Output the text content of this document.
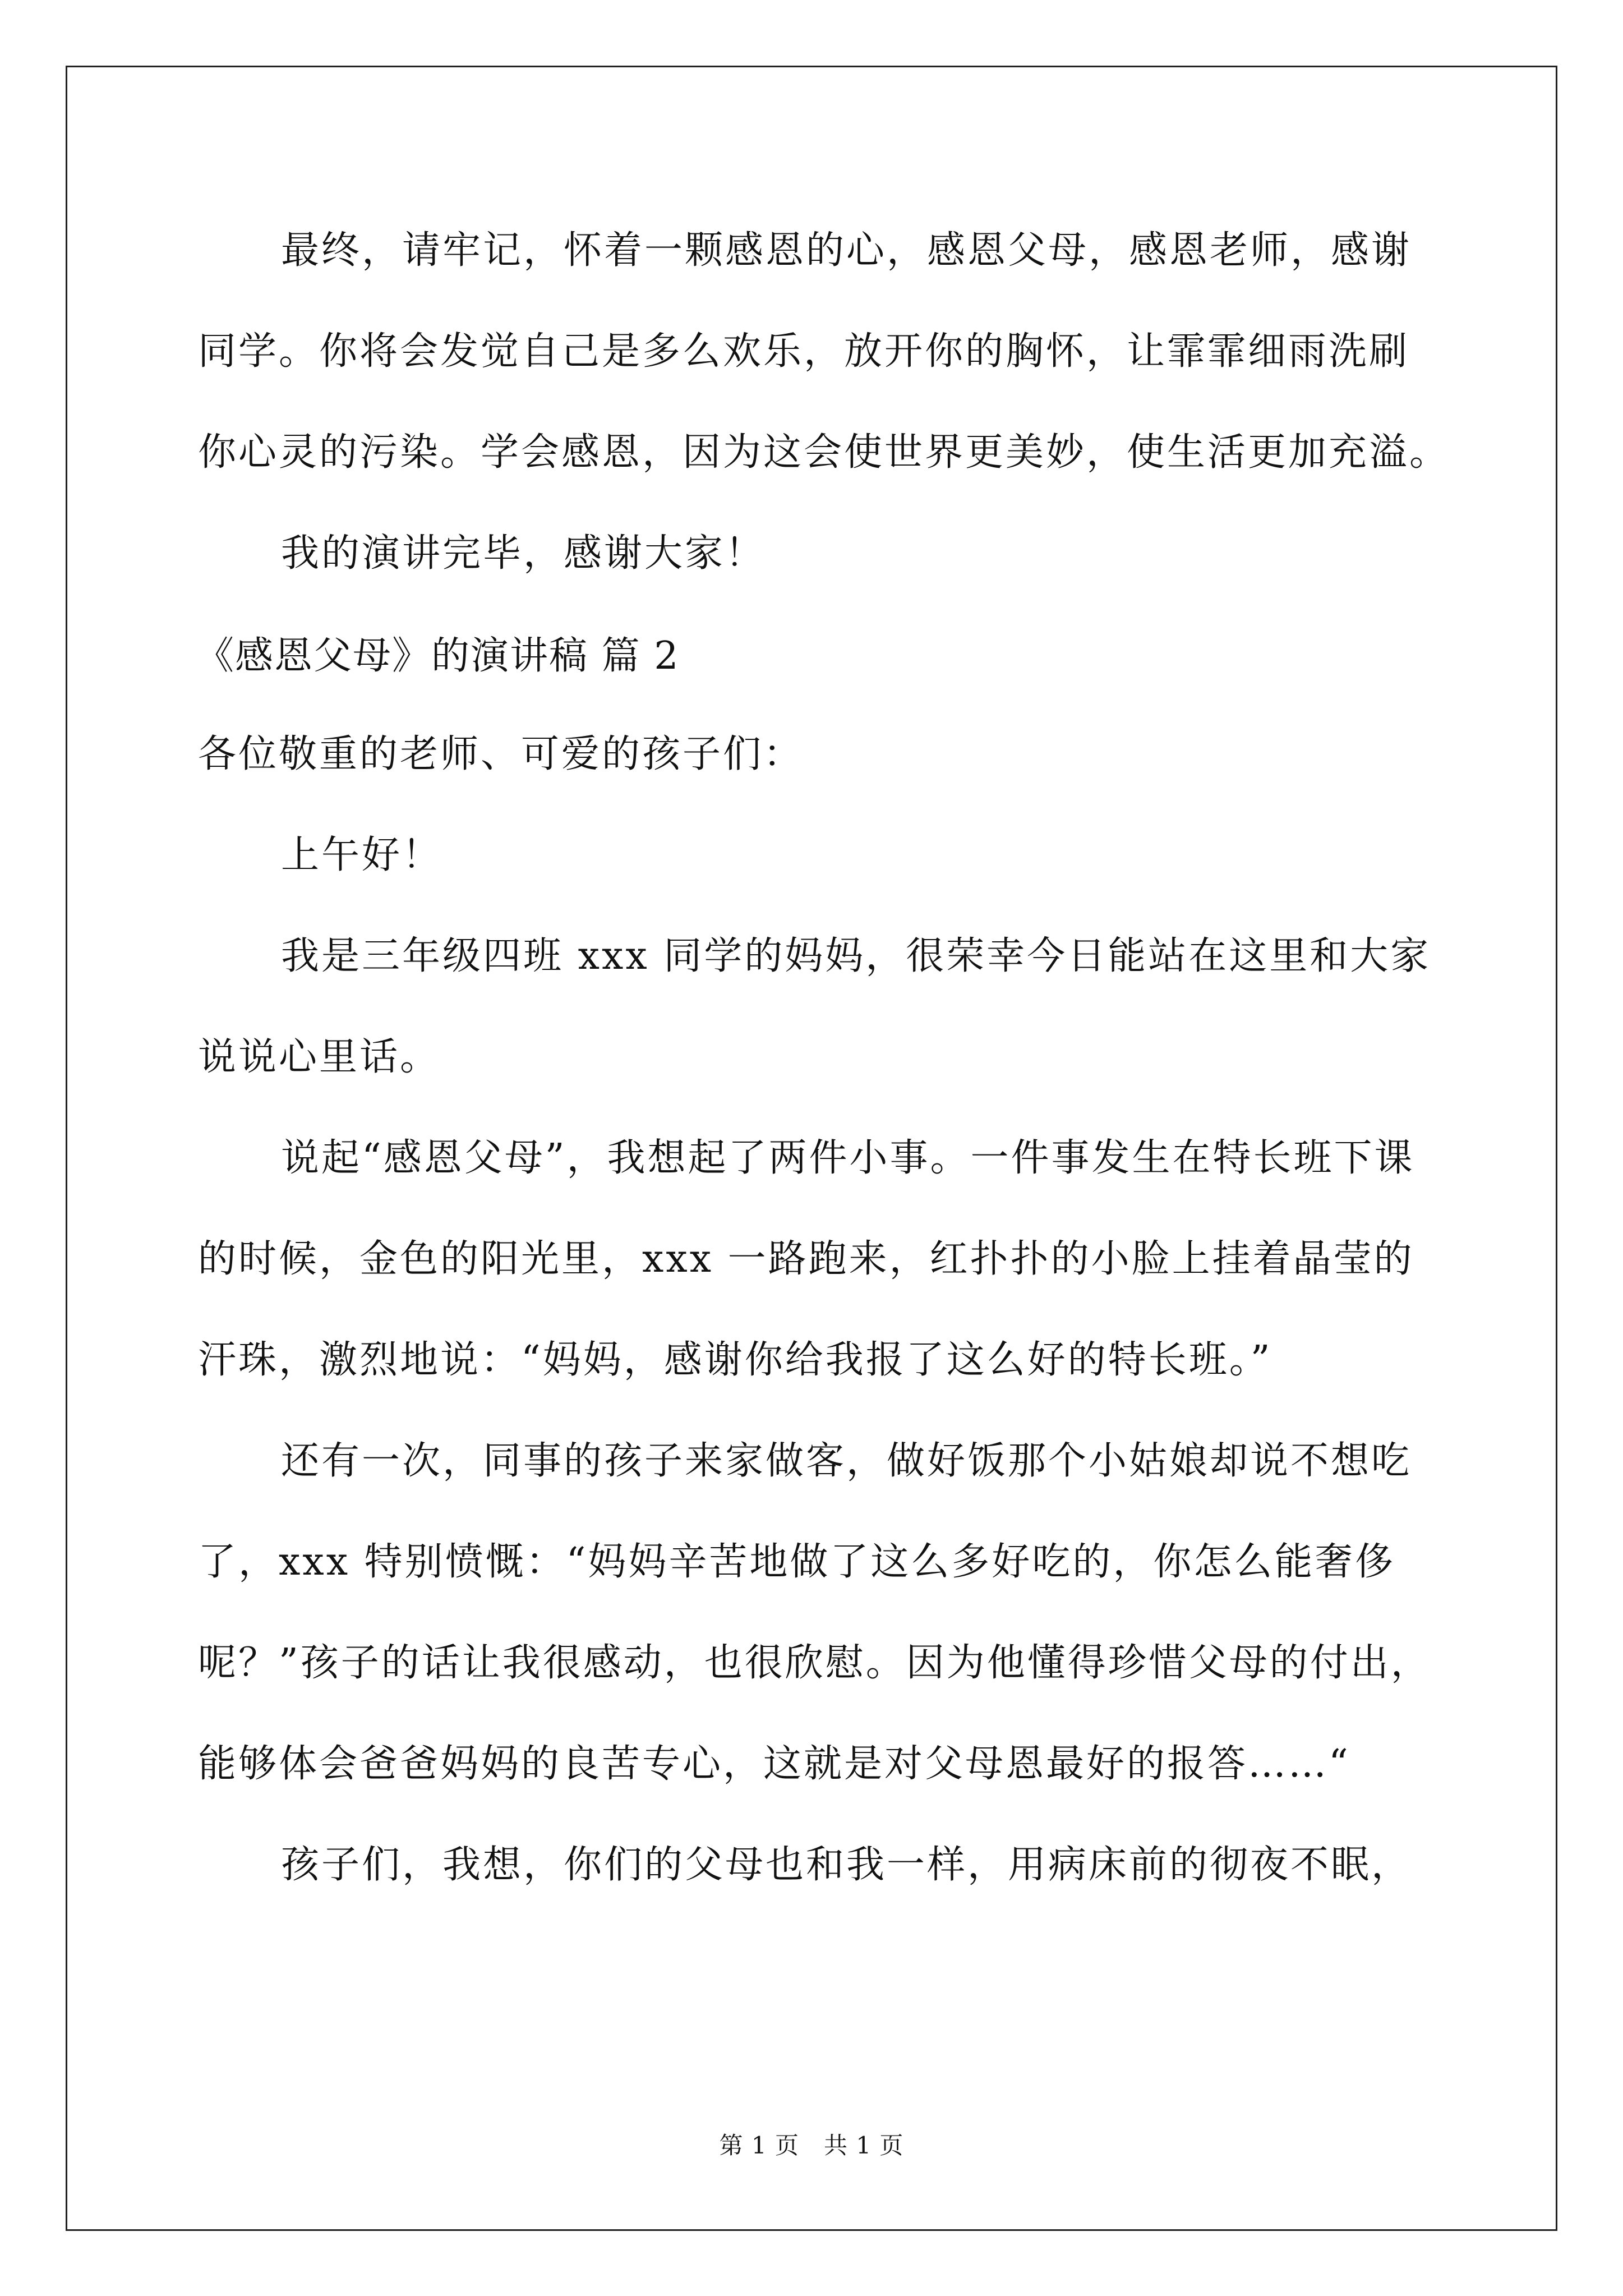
最终，请牢记，怀着一颗感恩的心，感恩父母，感恩老师，感谢
同学。你将会发觉自己是多么欢乐，放开你的胸怀，让霏霏细雨洗刷
你心灵的污染。学会感恩，因为这会使世界更美妙，使生活更加充溢。
我的演讲完毕，感谢大家！
《感恩父母》的演讲稿 篇 2
各位敬重的老师、可爱的孩子们：
上午好！
我是三年级四班 xxx 同学的妈妈，很荣幸今日能站在这里和大家
说说心里话。
说起“感恩父母”，我想起了两件小事。一件事发生在特长班下课
的时候，金色的阳光里，xxx 一路跑来，红扑扑的小脸上挂着晶莹的
汗珠，激烈地说：“妈妈，感谢你给我报了这么好的特长班。”
还有一次，同事的孩子来家做客，做好饭那个小姑娘却说不想吃
了，xxx 特别愤慨：“妈妈辛苦地做了这么多好吃的，你怎么能奢侈
呢？”孩子的话让我很感动，也很欣慰。因为他懂得珍惜父母的付出，
能够体会爸爸妈妈的良苦专心，这就是对父母恩最好的报答……“
孩子们，我想，你们的父母也和我一样，用病床前的彻夜不眠，
第 1 页 共 1 页
